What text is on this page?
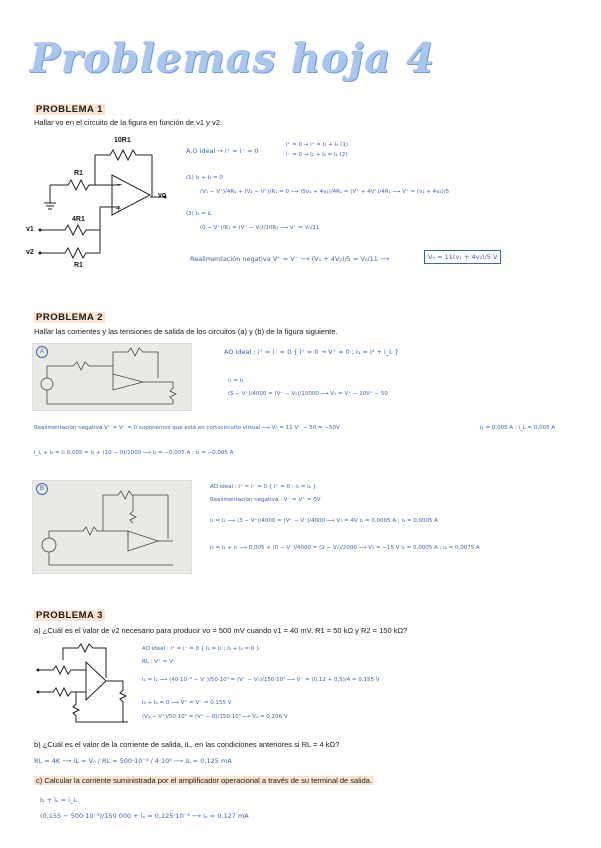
Problemas hoja 4
PROBLEMA 1
Hallar vo en el circuito de la figura en función de v1 y v2.
−
+
10R1
R1
4R1
R1
v1
v2
vo
A.O ideal → i⁺ = i⁻ = 0
i⁺ = 0 → i⁺ = I₃ + I₄ (1)
i⁻ = 0 → I₁ + I₂ = I₂ (2)
(1) I₃ + I₄ = 0
(V₁ − V⁺)/4R₁ + (V₂ − V⁺)/R₁ = 0 ⟶ (5v₁ + 4v₂)/4R₁ = (V⁺ + 4V⁺)/4R₁ ⟶ V⁺ = (v₁ + 4v₂)/5
(2) I₁ = I₂
(0 − V⁻)/R₁ = (V⁻ − V₀)/10R₁ ⟶ V⁻ = V₀/11
Realimentación negativa V⁺ = V⁻ ⟶ (V₁ + 4V₂)/5 = V₀/11 ⟶	V₀ = 11(v₁ + 4v₂)/5 V
PROBLEMA 2
Hallar las corrientes y las tensiones de salida de los circuitos (a) y (b) de la figura siguiente.
A	AO ideal : i⁺ = i⁻ = 0 { i⁺ = 0 → V⁺ = 0 ; i₁ = i² + i_L }
i₁ = i₂
(5 − V⁻)/4000 = (V⁻ − V₀)/10000 ⟶ V₀ = V⁺ − 10V⁺ − 50
Realimentación negativa V⁺ = V⁻ = 0 suponemos que está en cortocircuito virtual ⟶ V₀ = 11 V⁻ − 50 = −50V	i₁ = 0,005 A ; i_L = 0,005 A
i_L + i₂ = i₁ 0,005 = i₂ + (10 − 0)/1000 ⟶ i₂ = −0,005 A ; i₂ = −0,005 A
B	AO ideal : i⁺ = i⁻ = 0 { i⁺ = 0 ; i₁ = i₂ }
Realimentación negativa : V⁻ = V⁺ = 0V
i₁ = i₂ ⟶ (3 − V⁺)/4000 = (V⁺ − V⁻)/4000 ⟶ V₀ = 4V i₁ = 0,0005 A ; i₂ = 0,0005 A
i₃ = i₂ + i₁ ⟶ 0,005 + (0 − V⁻)/4000 = (2 − V₀)/2000 ⟶ V₀ = −15 V i₁ = 0,0005 A ; i₂ = 0,0075 A
PROBLEMA 3
a) ¿Cuál es el valor de v2 necesario para producir vo = 500 mV cuando v1 = 40 mV, R1 = 50 kΩ y R2 = 150 kΩ?
AO ideal : i⁺ = i⁻ = 0 { I₁ = I₂ ; I₃ + I₄ = 0 }
RL : V⁺ = V⁻
I₁ = I₂ ⟶ (40·10⁻³ − V⁻)/50·10³ = (V⁻ − V₀)/150·10³ ⟶ V⁻ = (0,12 + 0,5)/4 = 0,155 V
I₃ + I₄ = 0 ⟶ V⁺ = V⁻ = 0,155 V
(V₂ − V⁺)/50·10³ = (V⁺ − 0)/150·10³ ⟶ V₂ = 0,206 V
b) ¿Cuál es el valor de la corriente de salida, iL, en las condiciones anteriores si RL = 4 kΩ?
RL = 4K ⟶ iL = V₀ / RL = 500·10⁻³ / 4·10³ ⟶ iL = 0,125 mA
c) Calcular la corriente suministrada por el amplificador operacional a través de su terminal de salida.
I₂ + iₒ = i_L
(0,155 − 500·10⁻³)/150 000 + iₒ = 0,125·10⁻³ ⟶ iₒ = 0,127 mA
